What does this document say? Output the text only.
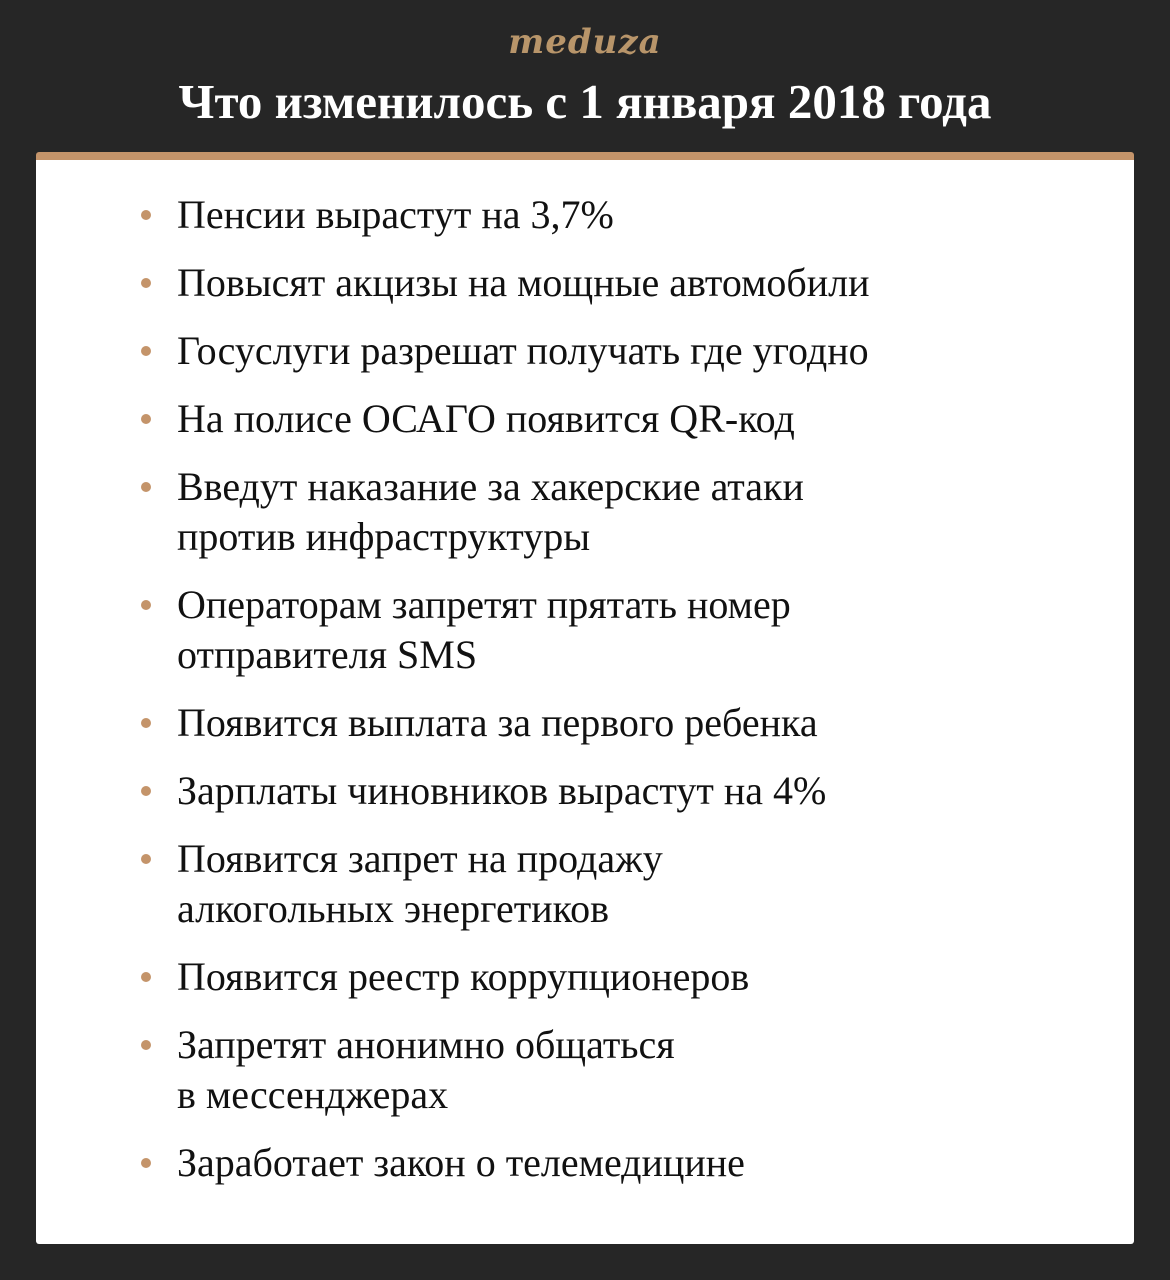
meduza
Что изменилось с 1 января 2018 года
Пенсии вырастут на 3,7%
Повысят акцизы на мощные автомобили
Госуслуги разрешат получать где угодно
На полисе ОСАГО появится QR-код
Введут наказание за хакерские атаки
против инфраструктуры
Операторам запретят прятать номер
отправителя SMS
Появится выплата за первого ребенка
Зарплаты чиновников вырастут на 4%
Появится запрет на продажу
алкогольных энергетиков
Появится реестр коррупционеров
Запретят анонимно общаться
в мессенджерах
Заработает закон о телемедицине
